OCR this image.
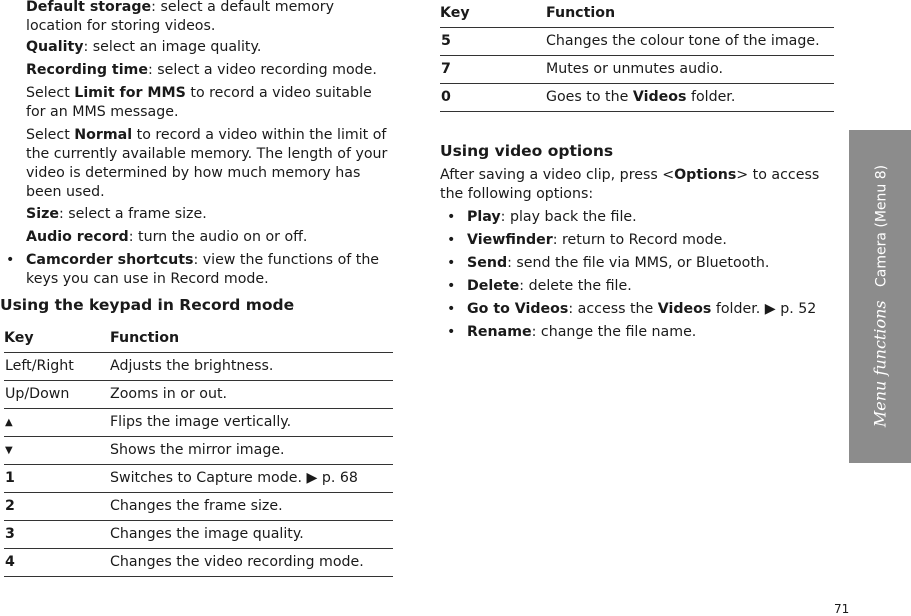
Default storage: select a default memory location for storing videos.
Quality: select an image quality.
Recording time: select a video recording mode.
Select Limit for MMS to record a video suitable for an MMS message.
Select Normal to record a video within the limit of the currently available memory. The length of your video is determined by how much memory has been used.
Size: select a frame size.
Audio record: turn the audio on or off.
• Camcorder shortcuts: view the functions of the keys you can use in Record mode.
Using the keypad in Record mode
Key	Function
Left/Right	Adjusts the brightness.
Up/Down	Zooms in or out.
▲	Flips the image vertically.
▼	Shows the mirror image.
1	Switches to Capture mode. ▶ p. 68
2	Changes the frame size.
3	Changes the image quality.
4	Changes the video recording mode.
Key	Function
5	Changes the colour tone of the image.
7	Mutes or unmutes audio.
0	Goes to the Videos folder.
Using video options
After saving a video clip, press <Options> to access the following options:
• Play: play back the file.
• Viewfinder: return to Record mode.
• Send: send the file via MMS, or Bluetooth.
• Delete: delete the file.
• Go to Videos: access the Videos folder. ▶ p. 52
• Rename: change the file name.	Menu functions   Camera (Menu 8)
71
